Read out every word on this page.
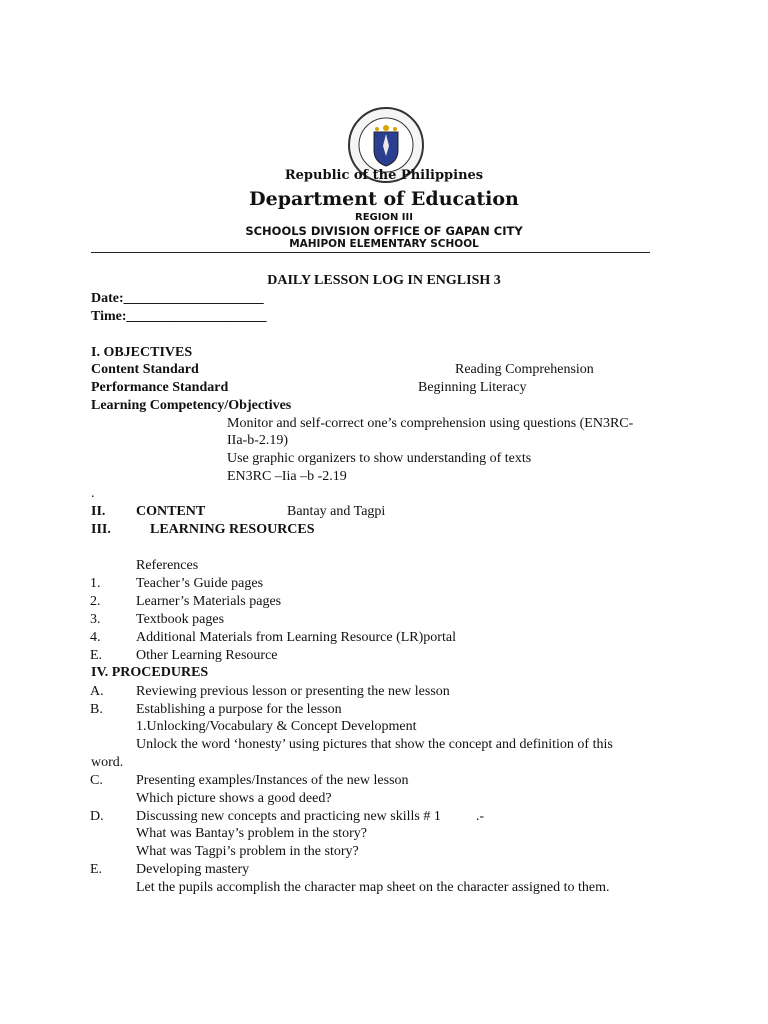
Republic of the Philippines
Department of Education
REGION III
SCHOOLS DIVISION OFFICE OF GAPAN CITY
MAHIPON ELEMENTARY SCHOOL
DAILY LESSON LOG IN ENGLISH 3
Date:____________________
Time:____________________
I. OBJECTIVES
Content Standard	Reading Comprehension
Performance Standard	Beginning Literacy
Learning Competency/Objectives
Monitor and self-correct one’s comprehension using questions (EN3RC-
IIa-b-2.19)
Use graphic organizers to show understanding of texts
EN3RC –Iia –b -2.19
.
II. CONTENT	Bantay and Tagpi
III.	LEARNING RESOURCES
References
1.	Teacher’s Guide pages
2.	Learner’s Materials pages
3.	Textbook pages
4.	Additional Materials from Learning Resource (LR)portal
E. Other Learning Resource
IV. PROCEDURES
A. Reviewing previous lesson or presenting the new lesson
B. Establishing a purpose for the lesson
1.Unlocking/Vocabulary & Concept Development
Unlock the word ‘honesty’ using pictures that show the concept and definition of this
word.
C. Presenting examples/Instances of the new lesson
Which picture shows a good deed?
D. Discussing new concepts and practicing new skills # 1          .-
What was Bantay’s problem in the story?
What was Tagpi’s problem in the story?
E. Developing mastery
Let the pupils accomplish the character map sheet on the character assigned to them.
